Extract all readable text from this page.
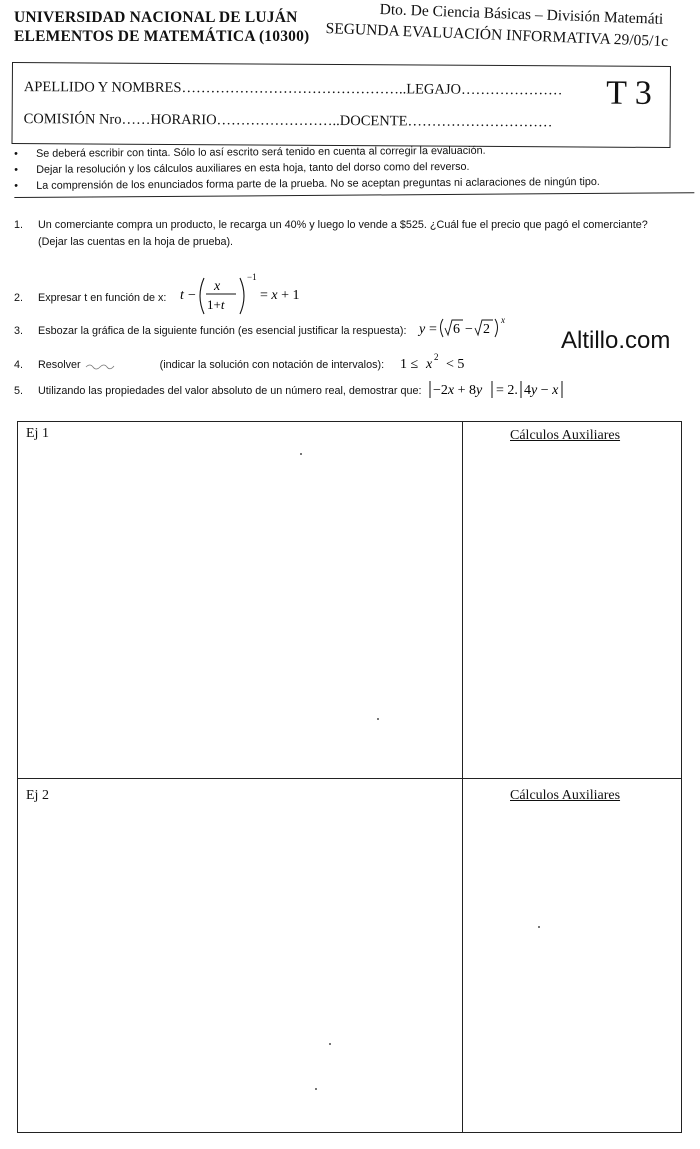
UNIVERSIDAD NACIONAL DE LUJÁN
ELEMENTOS DE MATEMÁTICA (10300)
Dto. De Ciencia Básicas – División Matemáti
SEGUNDA EVALUACIÓN INFORMATIVA 29/05/1с
APELLIDO Y NOMBRES………………………………………..LEGAJO…………………
COMISIÓN Nro……HORARIO……………………..DOCENTE…………………………
T 3
• Se deberá escribir con tinta. Sólo lo así escrito será tenido en cuenta al corregir la evaluación.
• Dejar la resolución y los cálculos auxiliares en esta hoja, tanto del dorso como del reverso.
• La comprensión de los enunciados forma parte de la prueba. No se aceptan preguntas ni aclaraciones de ningún tipo.
1. Un comerciante compra un producto, le recarga un 40% y luego lo vende a $525. ¿Cuál fue el precio que pagó el comerciante?
(Dejar las cuentas en la hoja de prueba).
2.	Expresar t en función de x: t −
x
1+t
−1
= x + 1
3.	Esbozar la gráfica de la siguiente función (es esencial justificar la respuesta): y = 6 − 2
x
Altillo.com
4.	Resolver	(indicar la solución con notación de intervalos): 1 ≤ x 2 < 5
5.	Utilizando las propiedades del valor absoluto de un número real, demostrar que: −2x + 8y = 2. 4y − x
Ej 1	Cálculos Auxiliares
Ej 2	Cálculos Auxiliares
